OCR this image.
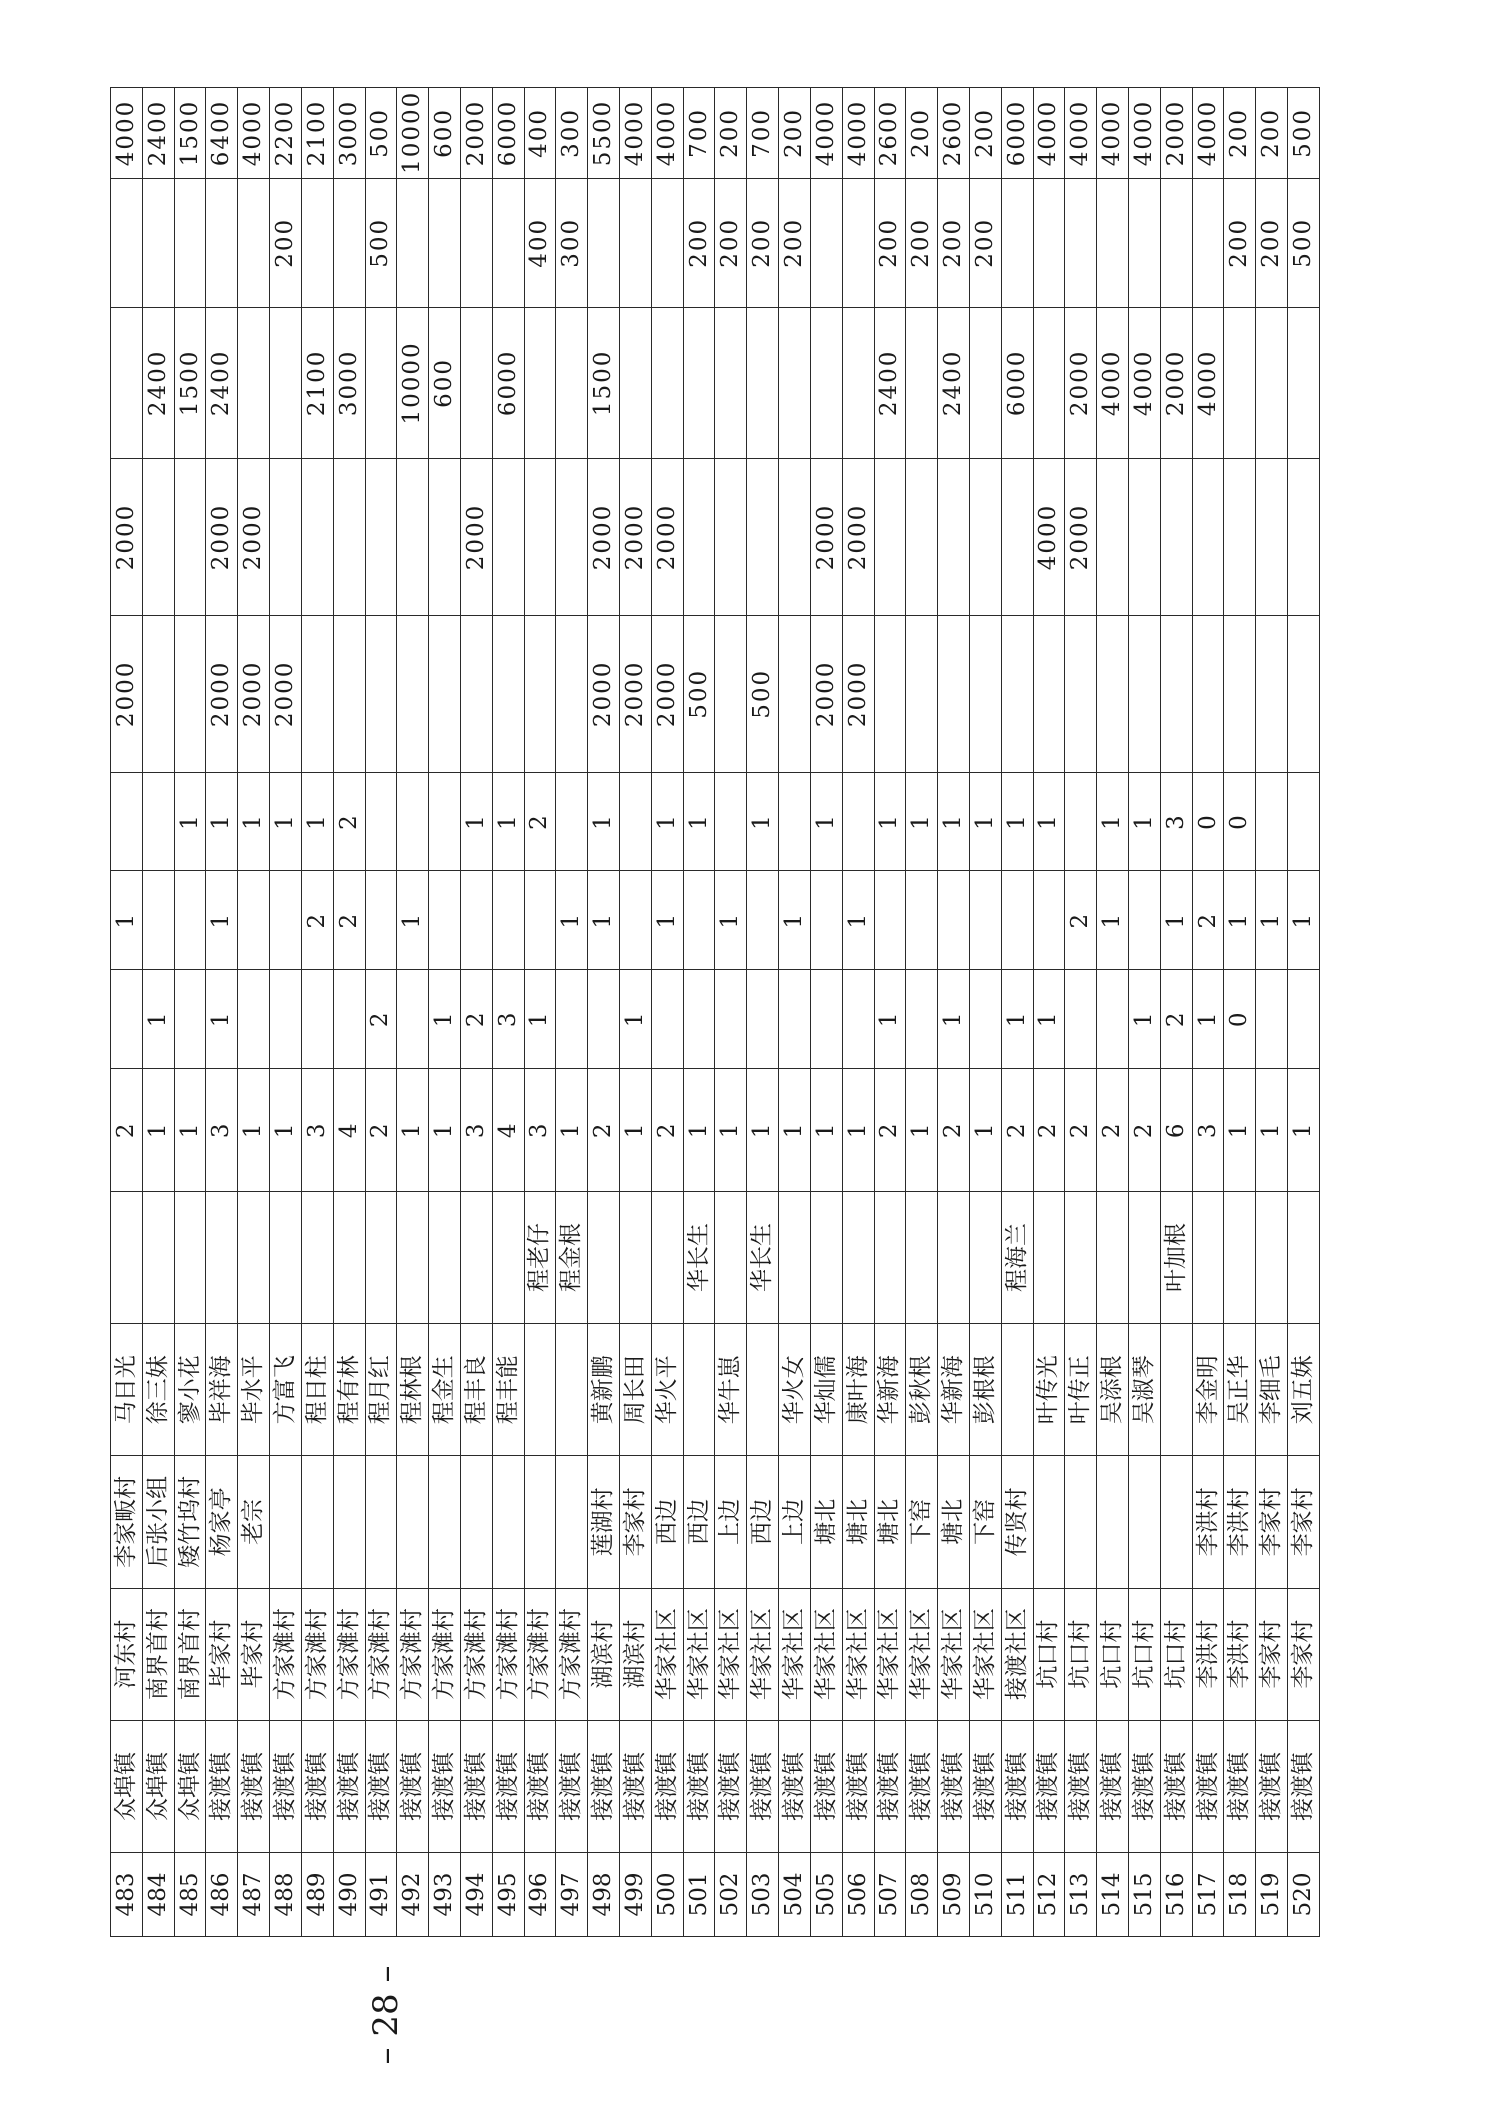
483	众埠镇	河东村	李家畈村	马日光		2		1		2000	2000			4000
484	众埠镇	南界首村	后张小组	徐三妹		1	1					2400		2400
485	众埠镇	南界首村	矮竹坞村	寥小花		1			1			1500		1500
486	接渡镇	毕家村	杨家亭	毕祥海		3	1	1	1	2000	2000	2400		6400
487	接渡镇	毕家村	老宗	毕水平		1			1	2000	2000			4000
488	接渡镇	方家滩村		方富飞		1			1	2000			200	2200
489	接渡镇	方家滩村		程日柱		3		2	1			2100		2100
490	接渡镇	方家滩村		程有林		4		2	2			3000		3000
491	接渡镇	方家滩村		程月红		2	2						500	500
492	接渡镇	方家滩村		程林根		1		1				10000		10000
493	接渡镇	方家滩村		程金生		1	1					600		600
494	接渡镇	方家滩村		程丰良		3	2		1		2000			2000
495	接渡镇	方家滩村		程丰能		4	3		1			6000		6000
496	接渡镇	方家滩村			程老仔	3	1		2				400	400
497	接渡镇	方家滩村			程金根	1		1					300	300
498	接渡镇	湖滨村	莲湖村	黄新鹏		2		1	1	2000	2000	1500		5500
499	接渡镇	湖滨村	李家村	周长田		1	1			2000	2000			4000
500	接渡镇	华家社区	西边	华火平		2		1	1	2000	2000			4000
501	接渡镇	华家社区	西边		华长生	1			1	500			200	700
502	接渡镇	华家社区	上边	华牛崽		1		1					200	200
503	接渡镇	华家社区	西边		华长生	1			1	500			200	700
504	接渡镇	华家社区	上边	华火女		1		1					200	200
505	接渡镇	华家社区	塘北	华灿儒		1			1	2000	2000			4000
506	接渡镇	华家社区	塘北	康叶海		1		1		2000	2000			4000
507	接渡镇	华家社区	塘北	华新海		2	1		1			2400	200	2600
508	接渡镇	华家社区	下窑	彭秋根		1			1				200	200
509	接渡镇	华家社区	塘北	华新海		2	1		1			2400	200	2600
510	接渡镇	华家社区	下窑	彭根根		1			1				200	200
511	接渡镇	接渡社区	传贤村		程海兰	2	1		1			6000		6000
512	接渡镇	坑口村		叶传光		2	1		1		4000			4000
513	接渡镇	坑口村		叶传正		2		2			2000	2000		4000
514	接渡镇	坑口村		吴添根		2		1	1			4000		4000
515	接渡镇	坑口村		吴淑琴		2	1		1			4000		4000
516	接渡镇	坑口村			叶加根	6	2	1	3			2000		2000
517	接渡镇	李洪村	李洪村	李金明		3	1	2	0			4000		4000
518	接渡镇	李洪村	李洪村	吴正华		1	0	1	0				200	200
519	接渡镇	李家村	李家村	李细毛		1		1					200	200
520	接渡镇	李家村	李家村	刘五妹		1		1					500	500
–
28
–
